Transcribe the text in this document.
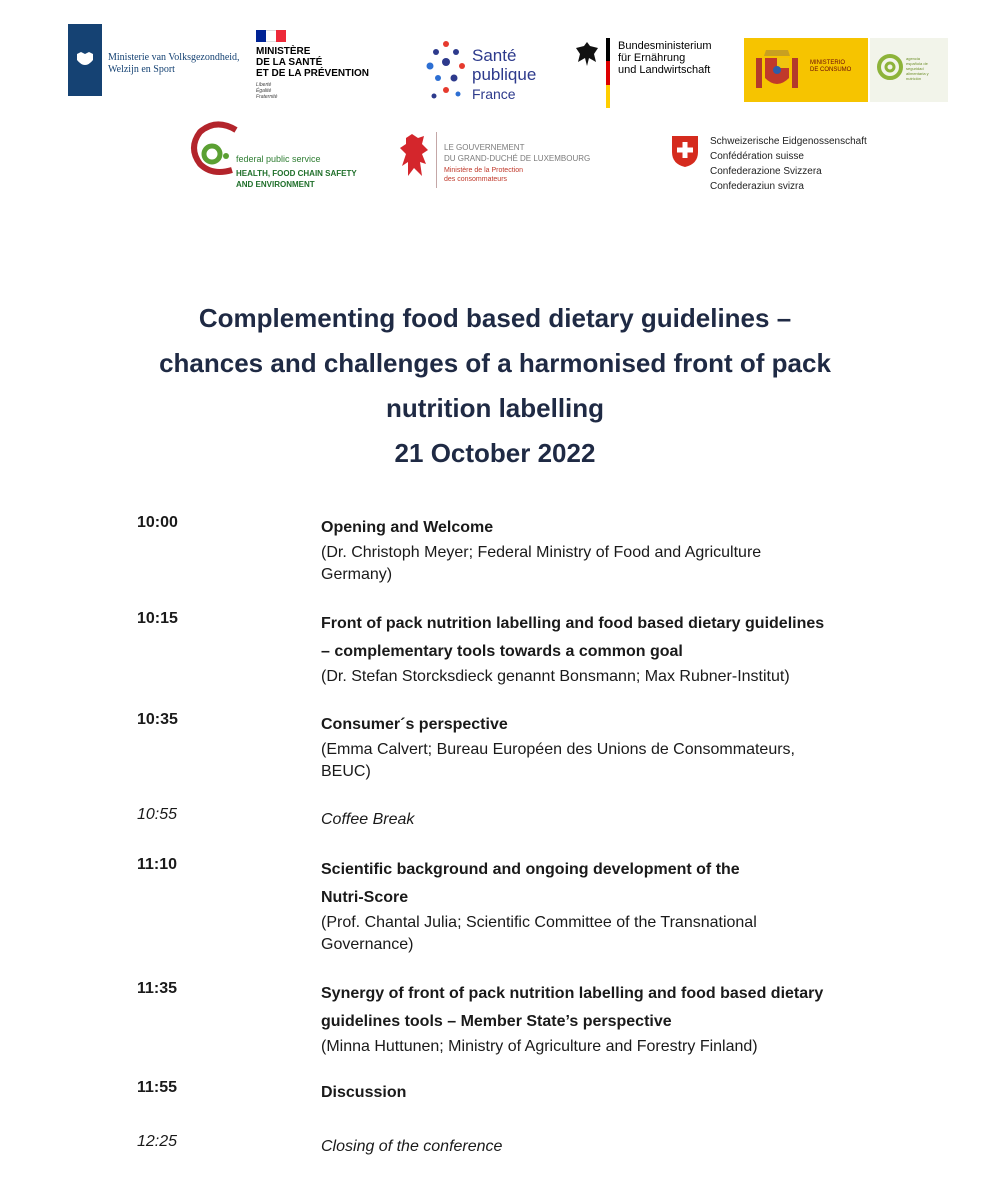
Ministerie van Volksgezondheid,
Welzijn en Sport
MINISTÈRE
DE LA SANTÉ
ET DE LA PRÉVENTION
Liberté
Égalité
Fraternité
Santé
publique
France
Bundesministerium
für Ernährung
und Landwirtschaft
MINISTERIO
DE CONSUMO
agencia
española de
seguridad
alimentaria y
nutrición
federal public service
HEALTH, FOOD CHAIN SAFETY
AND ENVIRONMENT
LE GOUVERNEMENT
DU GRAND-DUCHÉ DE LUXEMBOURG
Ministère de la Protection
des consommateurs
Schweizerische Eidgenossenschaft
Confédération suisse
Confederazione Svizzera
Confederaziun svizra
Complementing food based dietary guidelines –
chances and challenges of a harmonised front of pack
nutrition labelling
21 October 2022
10:00	Opening and Welcome
(Dr. Christoph Meyer; Federal Ministry of Food and Agriculture
Germany)
10:15	Front of pack nutrition labelling and food based dietary guidelines
– complementary tools towards a common goal
(Dr. Stefan Storcksdieck genannt Bonsmann; Max Rubner-Institut)
10:35	Consumer´s perspective
(Emma Calvert; Bureau Européen des Unions de Consommateurs,
BEUC)
10:55	Coffee Break
11:10	Scientific background and ongoing development of the
Nutri-Score
(Prof. Chantal Julia; Scientific Committee of the Transnational
Governance)
11:35	Synergy of front of pack nutrition labelling and food based dietary
guidelines tools – Member State’s perspective
(Minna Huttunen; Ministry of Agriculture and Forestry Finland)
11:55	Discussion
12:25	Closing of the conference
